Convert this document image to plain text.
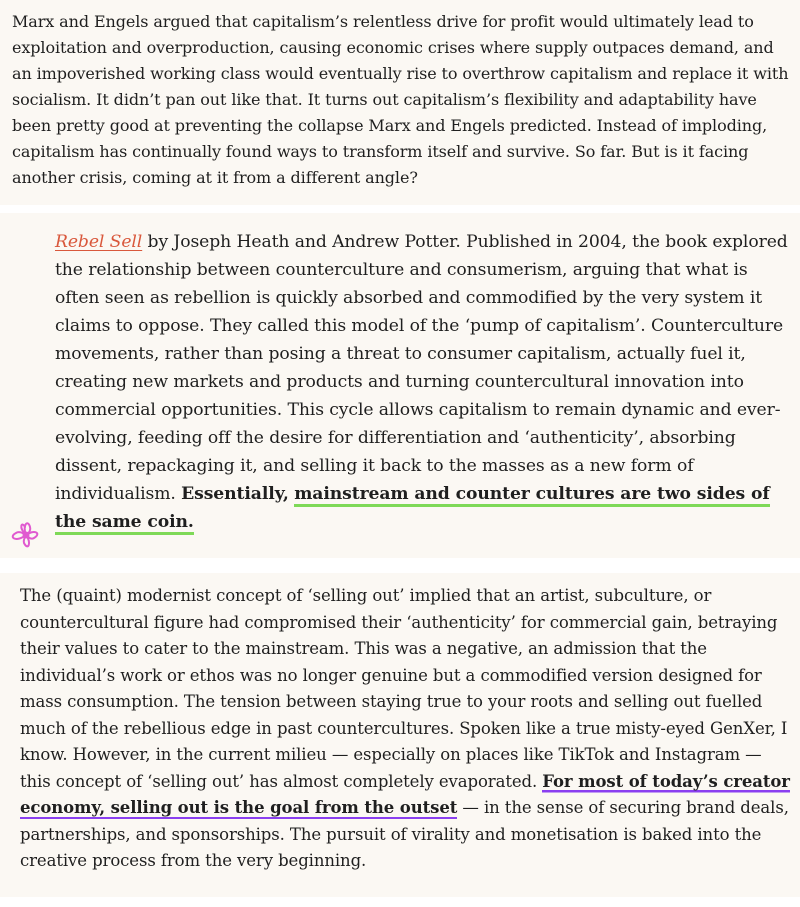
Marx and Engels argued that capitalism’s relentless drive for profit would ultimately lead to exploitation and overproduction, causing economic crises where supply outpaces demand, and an impoverished working class would eventually rise to overthrow capitalism and replace it with socialism. It didn’t pan out like that. It turns out capitalism’s flexibility and adaptability have been pretty good at preventing the collapse Marx and Engels predicted. Instead of imploding, capitalism has continually found ways to transform itself and survive. So far. But is it facing another crisis, coming at it from a different angle?

Rebel Sell by Joseph Heath and Andrew Potter. Published in 2004, the book explored the relationship between counterculture and consumerism, arguing that what is often seen as rebellion is quickly absorbed and commodified by the very system it claims to oppose. They called this model of the ‘pump of capitalism’. Counterculture movements, rather than posing a threat to consumer capitalism, actually fuel it, creating new markets and products and turning countercultural innovation into commercial opportunities. This cycle allows capitalism to remain dynamic and ever-evolving, feeding off the desire for differentiation and ‘authenticity’, absorbing dissent, repackaging it, and selling it back to the masses as a new form of individualism. Essentially, mainstream and counter cultures are two sides of the same coin.

The (quaint) modernist concept of ‘selling out’ implied that an artist, subculture, or countercultural figure had compromised their ‘authenticity’ for commercial gain, betraying their values to cater to the mainstream. This was a negative, an admission that the individual’s work or ethos was no longer genuine but a commodified version designed for mass consumption. The tension between staying true to your roots and selling out fuelled much of the rebellious edge in past countercultures. Spoken like a true misty-eyed GenXer, I know. However, in the current milieu — especially on places like TikTok and Instagram — this concept of ‘selling out’ has almost completely evaporated. For most of today’s creator economy, selling out is the goal from the outset — in the sense of securing brand deals, partnerships, and sponsorships. The pursuit of virality and monetisation is baked into the creative process from the very beginning.
